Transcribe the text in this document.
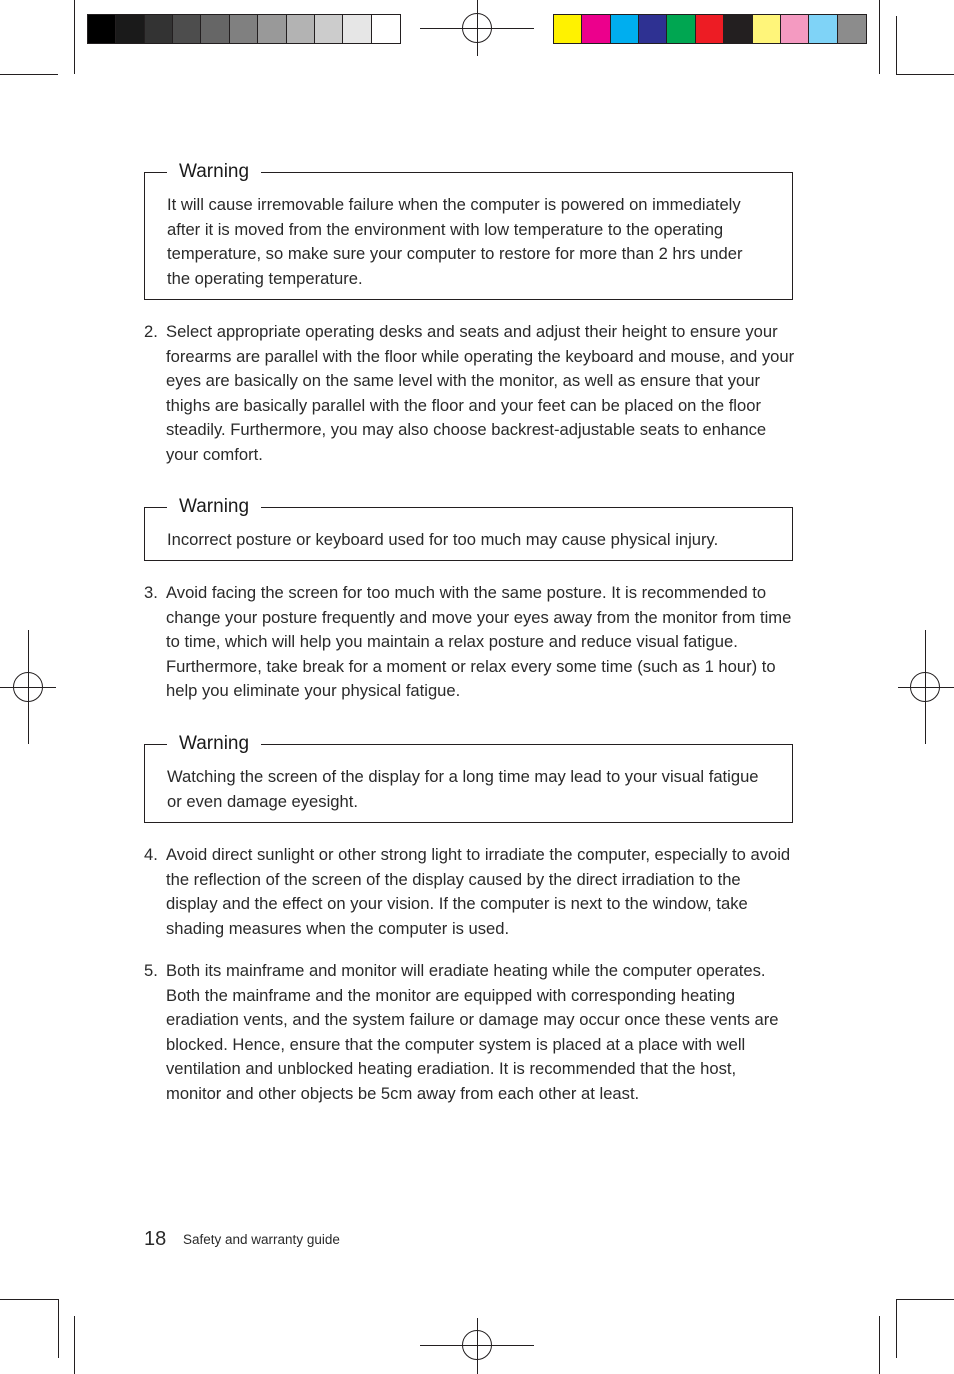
Warning
It will cause irremovable failure when the computer is powered on immediately after it is moved from the environment with low temperature to the operating temperature, so make sure your computer to restore for more than 2 hrs under the operating temperature.
2. Select appropriate operating desks and seats and adjust their height to ensure your forearms are parallel with the floor while operating the keyboard and mouse, and your eyes are basically on the same level with the monitor, as well as ensure that your thighs are basically parallel with the floor and your feet can be placed on the floor steadily. Furthermore, you may also choose backrest-adjustable seats to enhance your comfort.
Warning
Incorrect posture or keyboard used for too much may cause physical injury.
3. Avoid facing the screen for too much with the same posture. It is recommended to change your posture frequently and move your eyes away from the monitor from time to time, which will help you maintain a relax posture and reduce visual fatigue. Furthermore, take break for a moment or relax every some time (such as 1 hour) to help you eliminate your physical fatigue.
Warning
Watching the screen of the display for a long time may lead to your visual fatigue or even damage eyesight.
4. Avoid direct sunlight or other strong light to irradiate the computer, especially to avoid the reflection of the screen of the display caused by the direct irradiation to the display and the effect on your vision. If the computer is next to the window, take shading measures when the computer is used.
5. Both its mainframe and monitor will eradiate heating while the computer operates. Both the mainframe and the monitor are equipped with corresponding heating eradiation vents, and the system failure or damage may occur once these vents are blocked. Hence, ensure that the computer system is placed at a place with well ventilation and unblocked heating eradiation. It is recommended that the host, monitor and other objects be 5cm away from each other at least.
18 Safety and warranty guide
